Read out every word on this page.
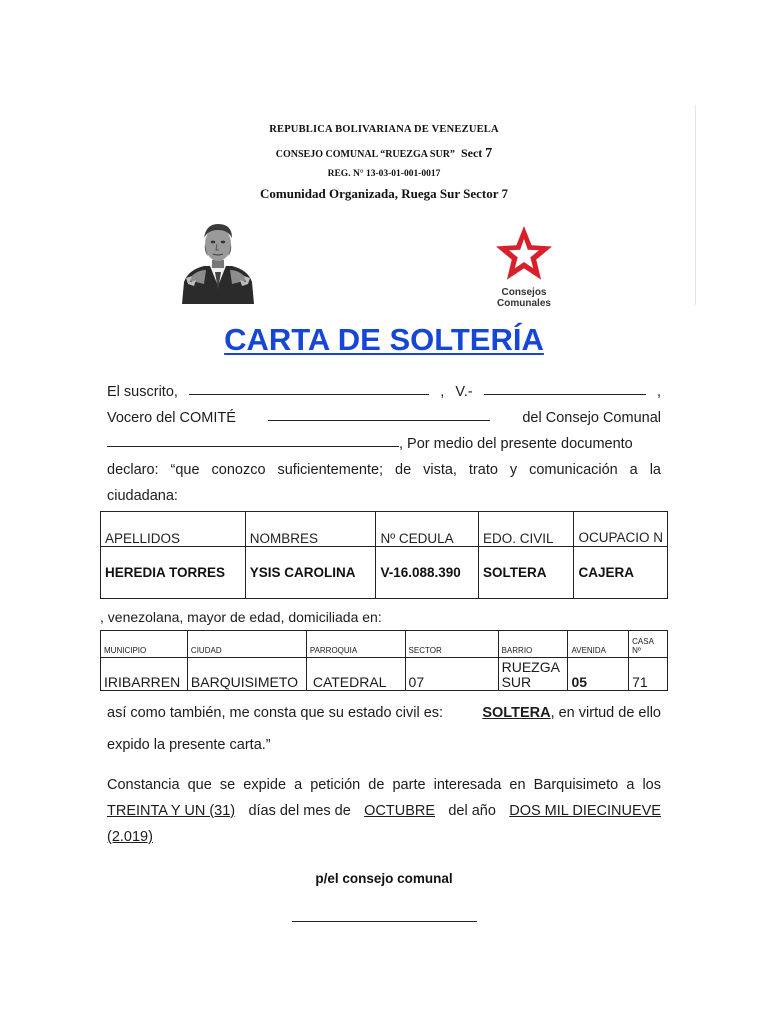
REPUBLICA BOLIVARIANA DE VENEZUELA
CONSEJO COMUNAL “RUEZGA SUR” Sect 7
REG. N° 13-03-01-001-0017
Comunidad Organizada, Ruega Sur Sector 7
Consejos
Comunales
CARTA DE SOLTERÍA
El suscrito,	, V.-	,
Vocero del COMITÉ	del Consejo Comunal
, Por medio del presente documento
declaro: “que conozco suficientemente; de vista, trato y comunicación a la
ciudadana:
APELLIDOS	NOMBRES	Nº CEDULA	EDO. CIVIL	OCUPACIO N
HEREDIA TORRES	YSIS CAROLINA	V-16.088.390	SOLTERA	CAJERA
, venezolana, mayor de edad, domiciliada en:
MUNICIPIO	CIUDAD	PARROQUIA	SECTOR	BARRIO	AVENIDA	CASA Nº
IRIBARREN	BARQUISIMETO	CATEDRAL	07	RUEZGA SUR	05	71
así como también, me consta que su estado civil es:	SOLTERA, en virtud de ello
expido la presente carta.”
Constancia que se expide a petición de parte interesada en Barquisimeto a los
TREINTA Y UN (31) días del mes de OCTUBRE del año DOS MIL DIECINUEVE
(2.019)
p/el consejo comunal
